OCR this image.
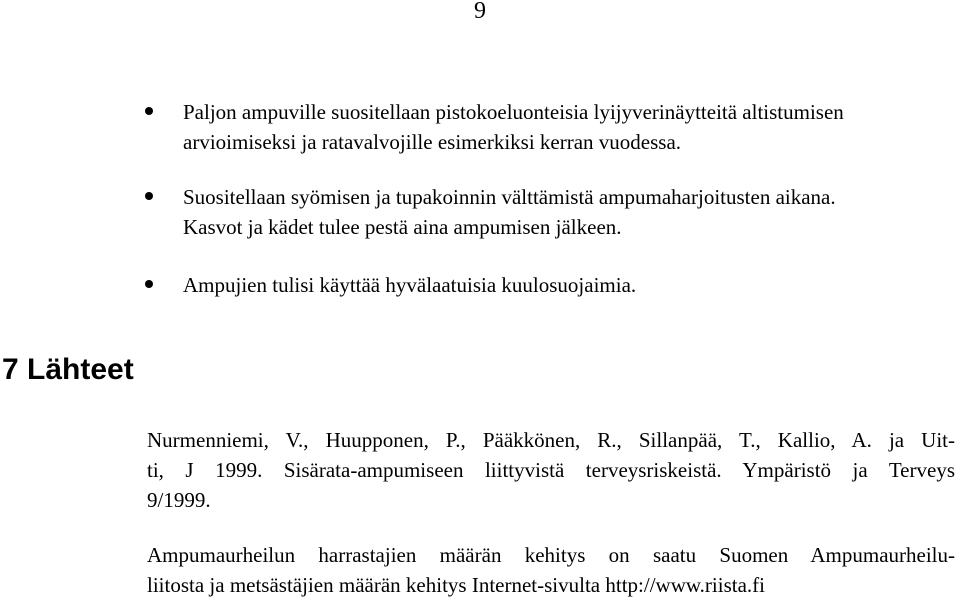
9
Paljon ampuville suositellaan pistokoeluonteisia lyijyverinäytteitä altistumisen
arvioimiseksi ja ratavalvojille esimerkiksi kerran vuodessa.
Suositellaan syömisen ja tupakoinnin välttämistä ampumaharjoitusten aikana.
Kasvot ja kädet tulee pestä aina ampumisen jälkeen.
Ampujien tulisi käyttää hyvälaatuisia kuulosuojaimia.
7 Lähteet
Nurmenniemi, V., Huupponen, P., Pääkkönen, R., Sillanpää, T., Kallio, A. ja Uit-
ti, J 1999. Sisärata-ampumiseen liittyvistä terveysriskeistä. Ympäristö ja Terveys
9/1999.
Ampumaurheilun harrastajien määrän kehitys on saatu Suomen Ampumaurheilu-
liitosta ja metsästäjien määrän kehitys Internet-sivulta http://www.riista.fi
